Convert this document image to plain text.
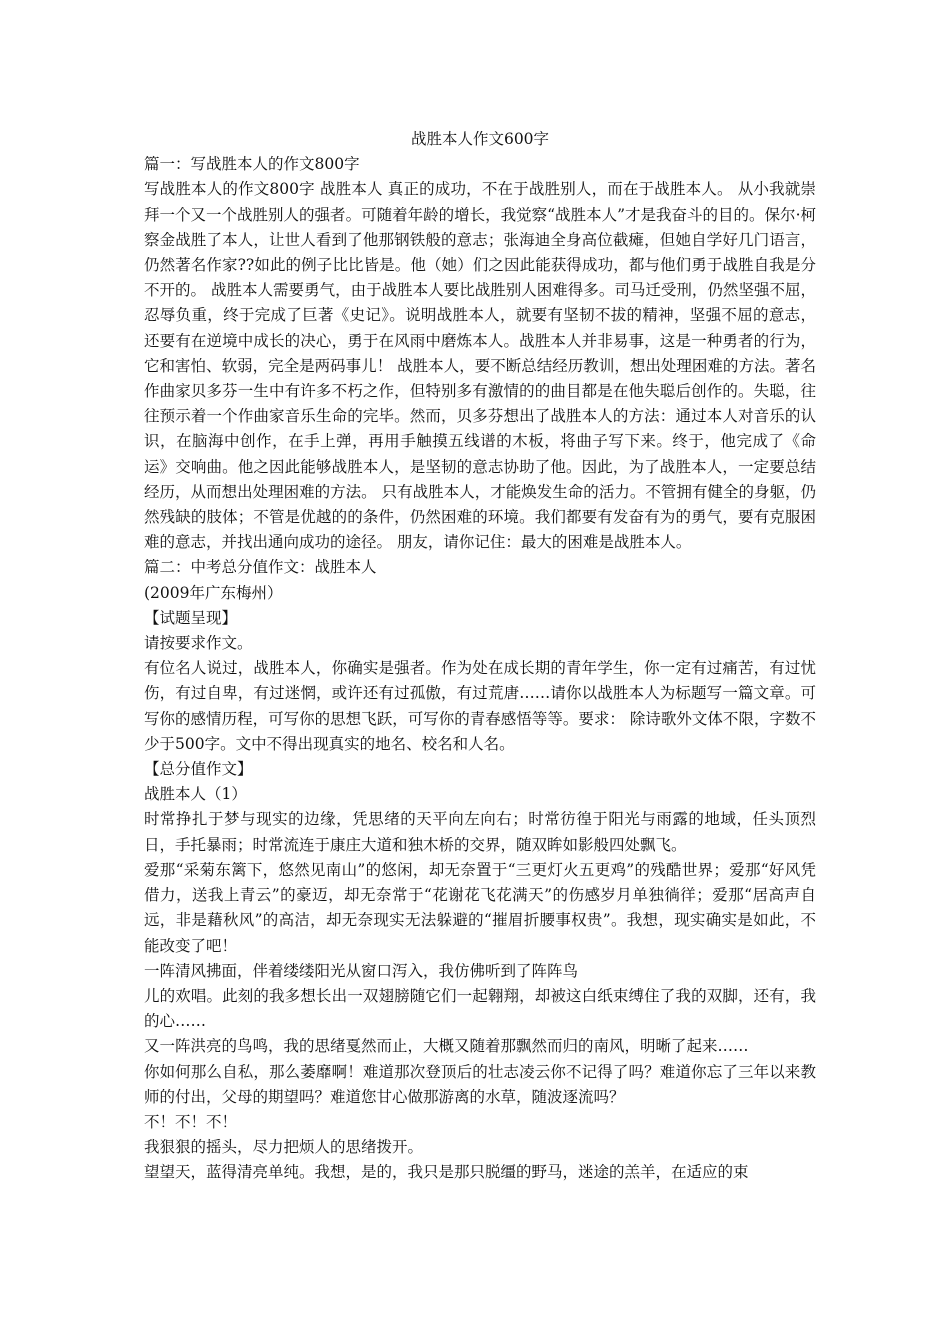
战胜本人作文600字

篇一：写战胜本人的作文800字

写战胜本人的作文800字 战胜本人 真正的成功，不在于战胜别人，而在于战胜本人。 从小我就崇拜一个又一个战胜别人的强者。可随着年龄的增长，我觉察“战胜本人”才是我奋斗的目的。保尔·柯察金战胜了本人，让世人看到了他那钢铁般的意志；张海迪全身高位截瘫，但她自学好几门语言，仍然著名作家??如此的例子比比皆是。他（她）们之因此能获得成功，都与他们勇于战胜自我是分不开的。 战胜本人需要勇气，由于战胜本人要比战胜别人困难得多。司马迁受刑，仍然坚强不屈，忍辱负重，终于完成了巨著《史记》。说明战胜本人，就要有坚韧不拔的精神，坚强不屈的意志，还要有在逆境中成长的决心，勇于在风雨中磨炼本人。战胜本人并非易事，这是一种勇者的行为，它和害怕、软弱，完全是两码事儿！ 战胜本人，要不断总结经历教训，想出处理困难的方法。著名作曲家贝多芬一生中有许多不朽之作，但特别多有激情的的曲目都是在他失聪后创作的。失聪，往往预示着一个作曲家音乐生命的完毕。然而，贝多芬想出了战胜本人的方法：通过本人对音乐的认识，在脑海中创作，在手上弹，再用手触摸五线谱的木板，将曲子写下来。终于，他完成了《命运》交响曲。他之因此能够战胜本人，是坚韧的意志协助了他。因此，为了战胜本人，一定要总结经历，从而想出处理困难的方法。 只有战胜本人，才能焕发生命的活力。不管拥有健全的身躯，仍然残缺的肢体；不管是优越的的条件，仍然困难的环境。我们都要有发奋有为的勇气，要有克服困难的意志，并找出通向成功的途径。 朋友，请你记住：最大的困难是战胜本人。

篇二：中考总分值作文：战胜本人

(2009年广东梅州）

【试题呈现】

请按要求作文。

有位名人说过，战胜本人，你确实是强者。作为处在成长期的青年学生，你一定有过痛苦，有过忧伤，有过自卑，有过迷惘，或许还有过孤傲，有过荒唐……请你以战胜本人为标题写一篇文章。可写你的感情历程，可写你的思想飞跃，可写你的青春感悟等等。要求： 除诗歌外文体不限，字数不少于500字。文中不得出现真实的地名、校名和人名。

【总分值作文】

战胜本人（1）

时常挣扎于梦与现实的边缘，凭思绪的天平向左向右；时常彷徨于阳光与雨露的地域，任头顶烈日，手托暴雨；时常流连于康庄大道和独木桥的交界，随双眸如影般四处飘飞。

爱那“采菊东篱下，悠然见南山”的悠闲，却无奈置于“三更灯火五更鸡”的残酷世界；爱那“好风凭借力，送我上青云”的豪迈，却无奈常于“花谢花飞花满天”的伤感岁月单独徜徉；爱那“居高声自远，非是藉秋风”的高洁，却无奈现实无法躲避的“摧眉折腰事权贵”。我想，现实确实是如此，不能改变了吧！

一阵清风拂面，伴着缕缕阳光从窗口泻入，我仿佛听到了阵阵鸟

儿的欢唱。此刻的我多想长出一双翅膀随它们一起翱翔，却被这白纸束缚住了我的双脚，还有，我的心……

又一阵洪亮的鸟鸣，我的思绪戛然而止，大概又随着那飘然而归的南风，明晰了起来……

你如何那么自私，那么萎靡啊！难道那次登顶后的壮志凌云你不记得了吗？难道你忘了三年以来教师的付出，父母的期望吗？难道您甘心做那游离的水草，随波逐流吗？

不！不！不！

我狠狠的摇头，尽力把烦人的思绪拨开。

望望天，蓝得清亮单纯。我想，是的，我只是那只脱缰的野马，迷途的羔羊，在适应的束
